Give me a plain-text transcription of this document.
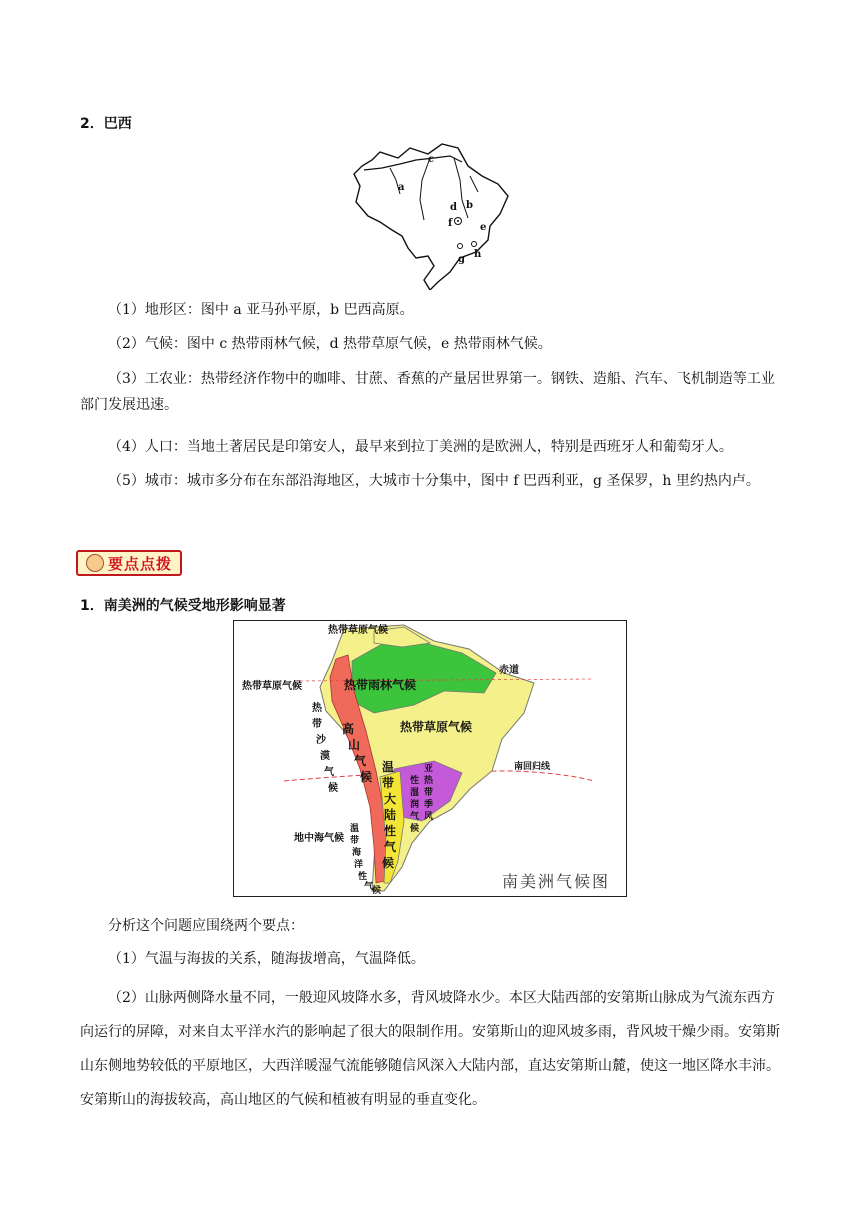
2．巴西
c
a
d b
f	e
g h
（1）地形区：图中 a 亚马孙平原，b 巴西高原。
（2）气候：图中 c 热带雨林气候，d 热带草原气候，e 热带雨林气候。
（3）工农业：热带经济作物中的咖啡、甘蔗、香蕉的产量居世界第一。钢铁、造船、汽车、飞机制造等工业部门发展迅速。
（4）人口：当地土著居民是印第安人，最早来到拉丁美洲的是欧洲人，特别是西班牙人和葡萄牙人。
（5）城市：城市多分布在东部沿海地区，大城市十分集中，图中 f 巴西利亚，g 圣保罗，h 里约热内卢。
要点点拨
1．南美洲的气候受地形影响显著
热带草原气候
热带草原气候	热带雨林气候
赤道
热带草原气候
南回归线
地中海气候
热
带
沙
漠
气
候
高
山
气
候
亚
热
带
季
风
性
湿
润
气
候
温
带
大
陆
性
气
候
温
带
海
洋
性
气
候	南美洲气候图
分析这个问题应围绕两个要点：
（1）气温与海拔的关系，随海拔增高，气温降低。
（2）山脉两侧降水量不同，一般迎风坡降水多，背风坡降水少。本区大陆西部的安第斯山脉成为气流东西方向运行的屏障，对来自太平洋水汽的影响起了很大的限制作用。安第斯山的迎风坡多雨，背风坡干燥少雨。安第斯山东侧地势较低的平原地区，大西洋暖湿气流能够随信风深入大陆内部，直达安第斯山麓，使这一地区降水丰沛。安第斯山的海拔较高，高山地区的气候和植被有明显的垂直变化。
